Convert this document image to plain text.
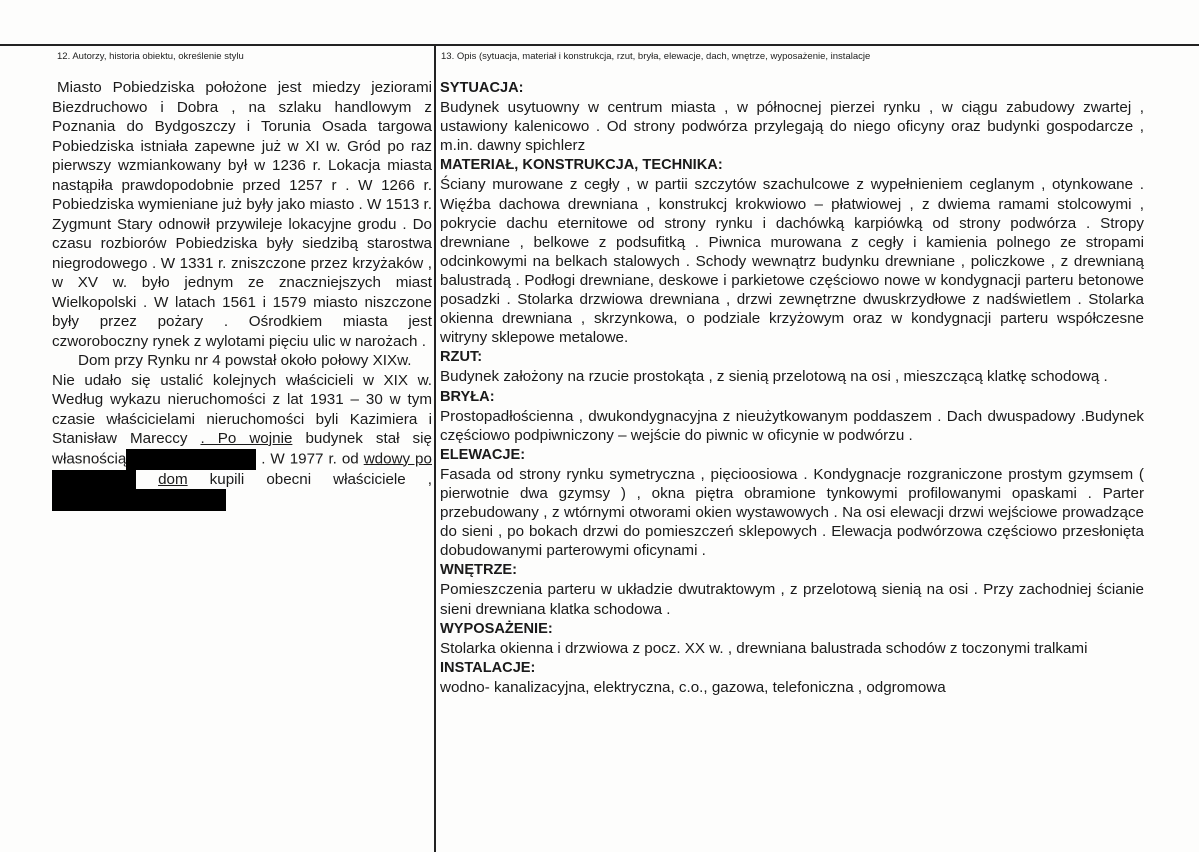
12. Autorzy, historia obiektu, określenie stylu	13. Opis (sytuacja, materiał i konstrukcja, rzut, bryła, elewacje, dach, wnętrze, wyposażenie, instalacje

Miasto Pobiedziska położone jest miedzy jeziorami Biezdruchowo i Dobra , na szlaku handlowym z Poznania do Bydgoszczy i Torunia Osada targowa Pobiedziska istniała zapewne już w XI w. Gród po raz pierwszy wzmiankowany był w 1236 r. Lokacja miasta nastąpiła prawdopodobnie przed 1257 r . W 1266 r. Pobiedziska wymieniane już były jako miasto . W 1513 r. Zygmunt Stary odnowił przywileje lokacyjne grodu . Do czasu rozbiorów Pobiedziska były siedzibą starostwa niegrodowego . W 1331 r. zniszczone przez krzyżaków , w XV w. było jednym ze znaczniejszych miast Wielkopolski . W latach 1561 i 1579 miasto niszczone były przez pożary . Ośrodkiem miasta jest czworoboczny rynek z wylotami pięciu ulic w narożach .

Dom przy Rynku nr 4 powstał około połowy XIXw.

Nie udało się ustalić kolejnych właścicieli w XIX w. Według wykazu nieruchomości z lat 1931 – 30 w tym czasie właścicielami nieruchomości byli Kazimiera i Stanisław Mareccy . Po wojnie budynek stał się własnością	. W 1977 r. od wdowy po  dom kupili obecni właściciele ,

SYTUACJA:

Budynek usytuowny w centrum miasta , w północnej pierzei rynku , w ciągu zabudowy zwartej , ustawiony kalenicowo . Od strony podwórza przylegają do niego oficyny oraz budynki gospodarcze , m.in. dawny spichlerz

MATERIAŁ, KONSTRUKCJA, TECHNIKA:

Ściany murowane z cegły , w partii szczytów szachulcowe z wypełnieniem ceglanym , otynkowane . Więźba dachowa drewniana , konstrukcj krokwiowo – płatwiowej , z dwiema ramami stolcowymi , pokrycie dachu eternitowe od strony rynku i dachówką karpiówką od strony podwórza . Stropy drewniane , belkowe z podsufitką . Piwnica murowana z cegły i kamienia polnego ze stropami odcinkowymi na belkach stalowych . Schody wewnątrz budynku drewniane , policzkowe , z drewnianą balustradą . Podłogi drewniane, deskowe i parkietowe częściowo nowe w kondygnacji parteru betonowe posadzki . Stolarka drzwiowa drewniana , drzwi zewnętrzne dwuskrzydłowe z nadświetlem . Stolarka okienna drewniana , skrzynkowa, o podziale krzyżowym oraz w kondygnacji parteru współczesne witryny sklepowe metalowe.

RZUT:

Budynek założony na rzucie prostokąta , z sienią przelotową na osi , mieszczącą klatkę schodową .

BRYŁA:

Prostopadłościenna , dwukondygnacyjna z nieużytkowanym poddaszem . Dach dwuspadowy .Budynek częściowo podpiwniczony – wejście do piwnic w oficynie w podwórzu .

ELEWACJE:

Fasada od strony rynku symetryczna , pięcioosiowa . Kondygnacje rozgraniczone prostym gzymsem ( pierwotnie dwa gzymsy ) , okna piętra obramione tynkowymi profilowanymi opaskami . Parter przebudowany , z wtórnymi otworami okien wystawowych . Na osi elewacji drzwi wejściowe prowadzące do sieni , po bokach drzwi do pomieszczeń sklepowych . Elewacja podwórzowa częściowo przesłonięta dobudowanymi parterowymi oficynami .

WNĘTRZE:

Pomieszczenia parteru w układzie dwutraktowym , z przelotową sienią na osi . Przy zachodniej ścianie sieni drewniana klatka schodowa .

WYPOSAŻENIE:

Stolarka okienna i drzwiowa z pocz. XX w. , drewniana balustrada schodów z toczonymi tralkami

INSTALACJE:

wodno- kanalizacyjna, elektryczna, c.o., gazowa, telefoniczna , odgromowa
